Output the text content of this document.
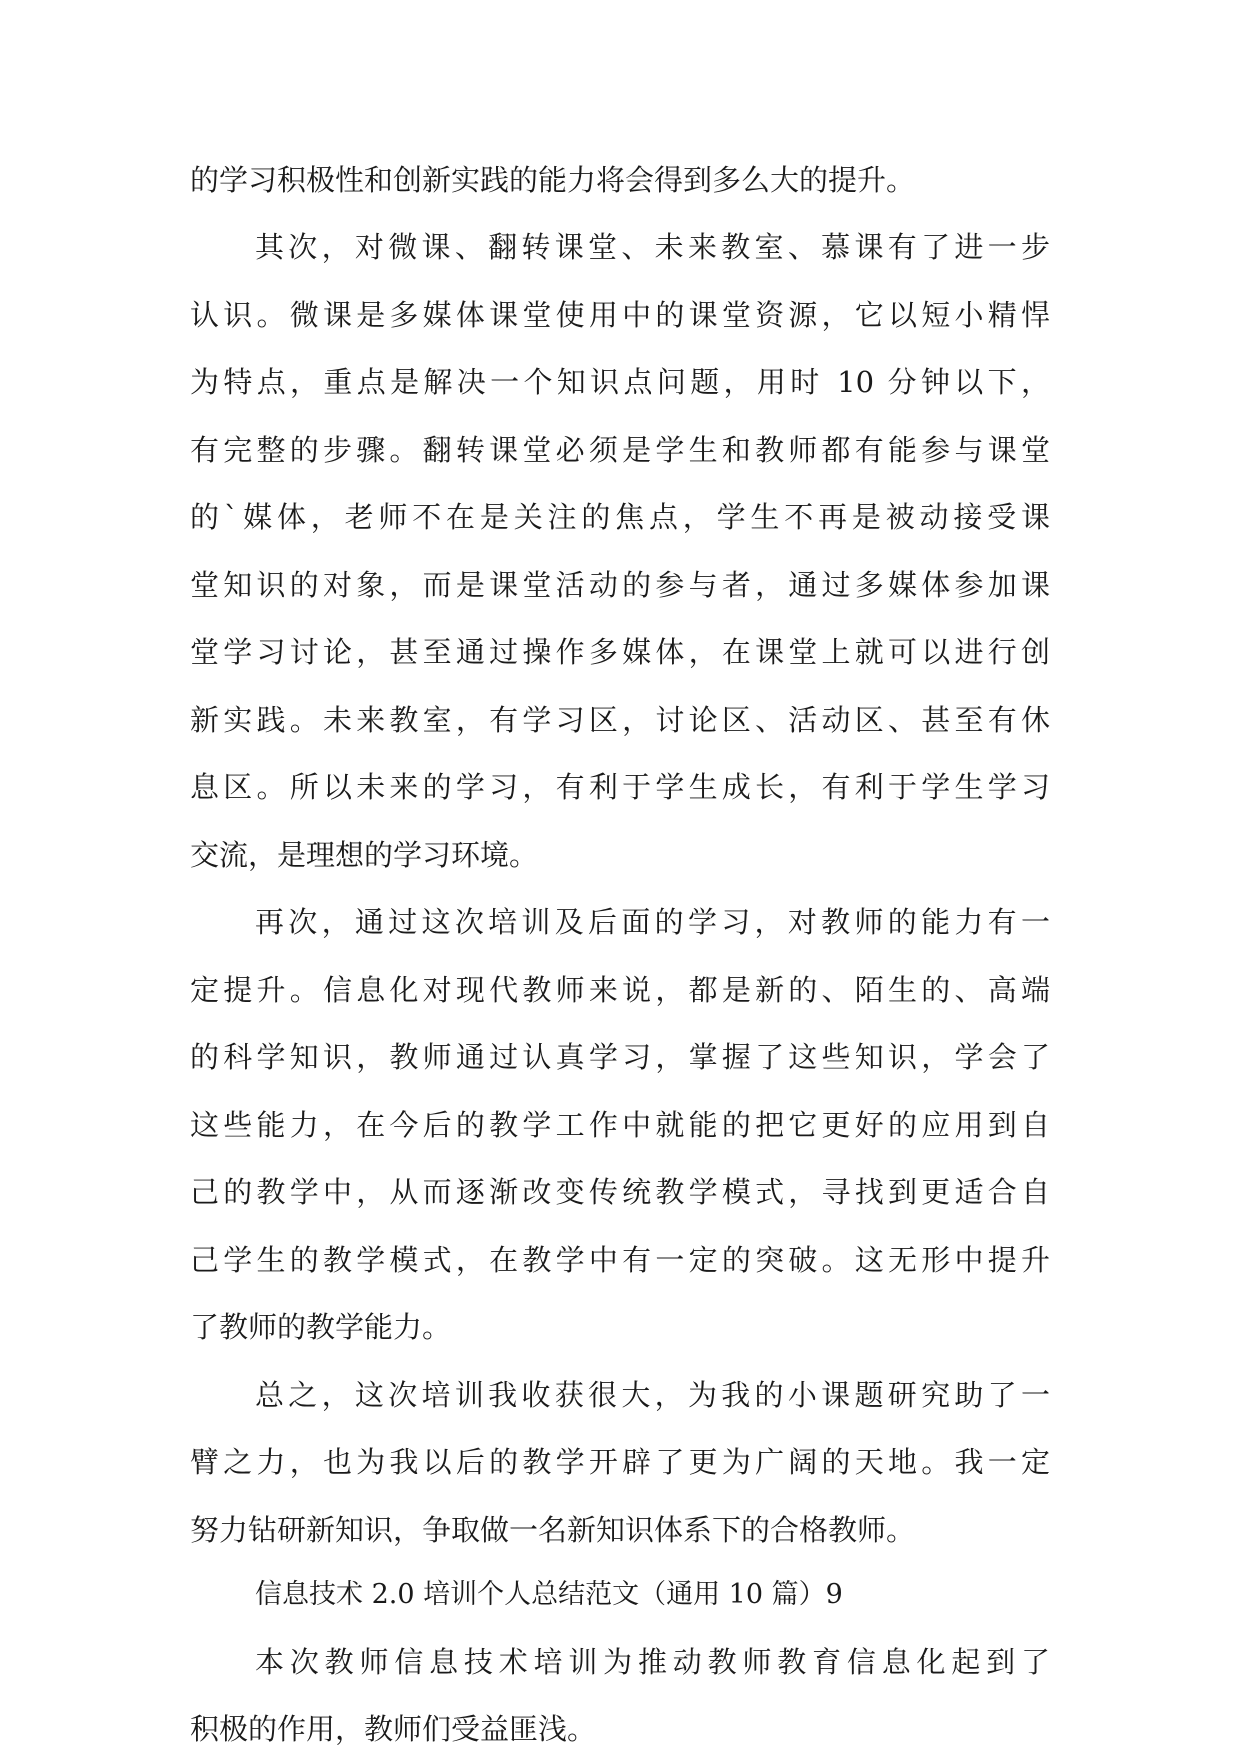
的学习积极性和创新实践的能力将会得到多么大的提升。
其次，对微课、翻转课堂、未来教室、慕课有了进一步
认识。微课是多媒体课堂使用中的课堂资源，它以短小精悍
为特点，重点是解决一个知识点问题，用时 10 分钟以下，
有完整的步骤。翻转课堂必须是学生和教师都有能参与课堂
的`媒体，老师不在是关注的焦点，学生不再是被动接受课
堂知识的对象，而是课堂活动的参与者，通过多媒体参加课
堂学习讨论，甚至通过操作多媒体，在课堂上就可以进行创
新实践。未来教室，有学习区，讨论区、活动区、甚至有休
息区。所以未来的学习，有利于学生成长，有利于学生学习
交流，是理想的学习环境。
再次，通过这次培训及后面的学习，对教师的能力有一
定提升。信息化对现代教师来说，都是新的、陌生的、高端
的科学知识，教师通过认真学习，掌握了这些知识，学会了
这些能力，在今后的教学工作中就能的把它更好的应用到自
己的教学中，从而逐渐改变传统教学模式，寻找到更适合自
己学生的教学模式，在教学中有一定的突破。这无形中提升
了教师的教学能力。
总之，这次培训我收获很大，为我的小课题研究助了一
臂之力，也为我以后的教学开辟了更为广阔的天地。我一定
努力钻研新知识，争取做一名新知识体系下的合格教师。
信息技术 2.0 培训个人总结范文（通用 10 篇）9
本次教师信息技术培训为推动教师教育信息化起到了
积极的作用，教师们受益匪浅。
